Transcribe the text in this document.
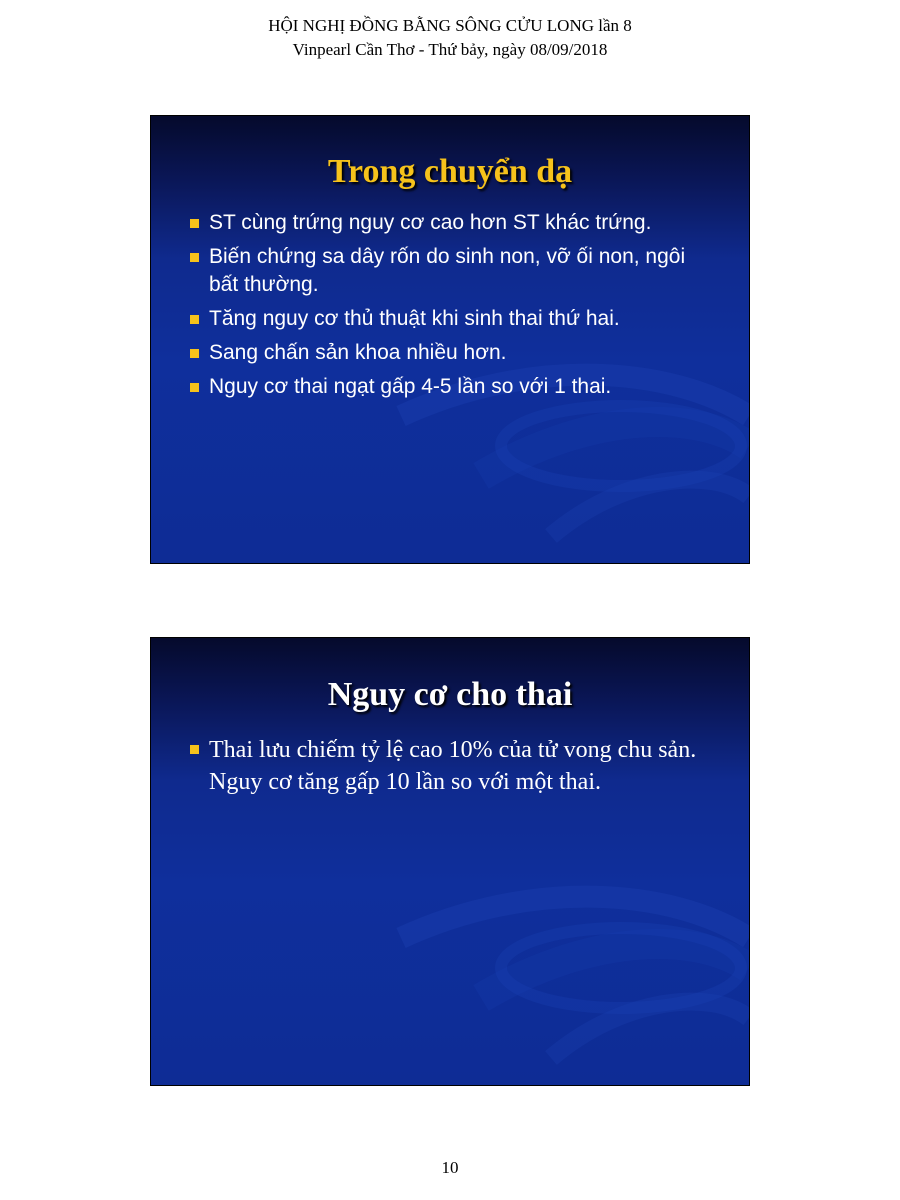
HỘI NGHỊ ĐỒNG BẰNG SÔNG CỬU LONG lần 8
Vinpearl Cần Thơ - Thứ bảy, ngày 08/09/2018
Trong chuyển dạ
ST cùng trứng nguy cơ cao hơn ST khác trứng.
Biến chứng sa dây rốn do sinh non, vỡ ối non, ngôi bất thường.
Tăng nguy cơ thủ thuật khi sinh thai thứ hai.
Sang chấn sản khoa nhiều hơn.
Nguy cơ thai ngạt gấp 4-5 lần so với 1 thai.
Nguy cơ cho thai
Thai lưu chiếm tỷ lệ cao 10% của tử vong chu sản. Nguy cơ tăng gấp 10 lần so với một thai.
10
